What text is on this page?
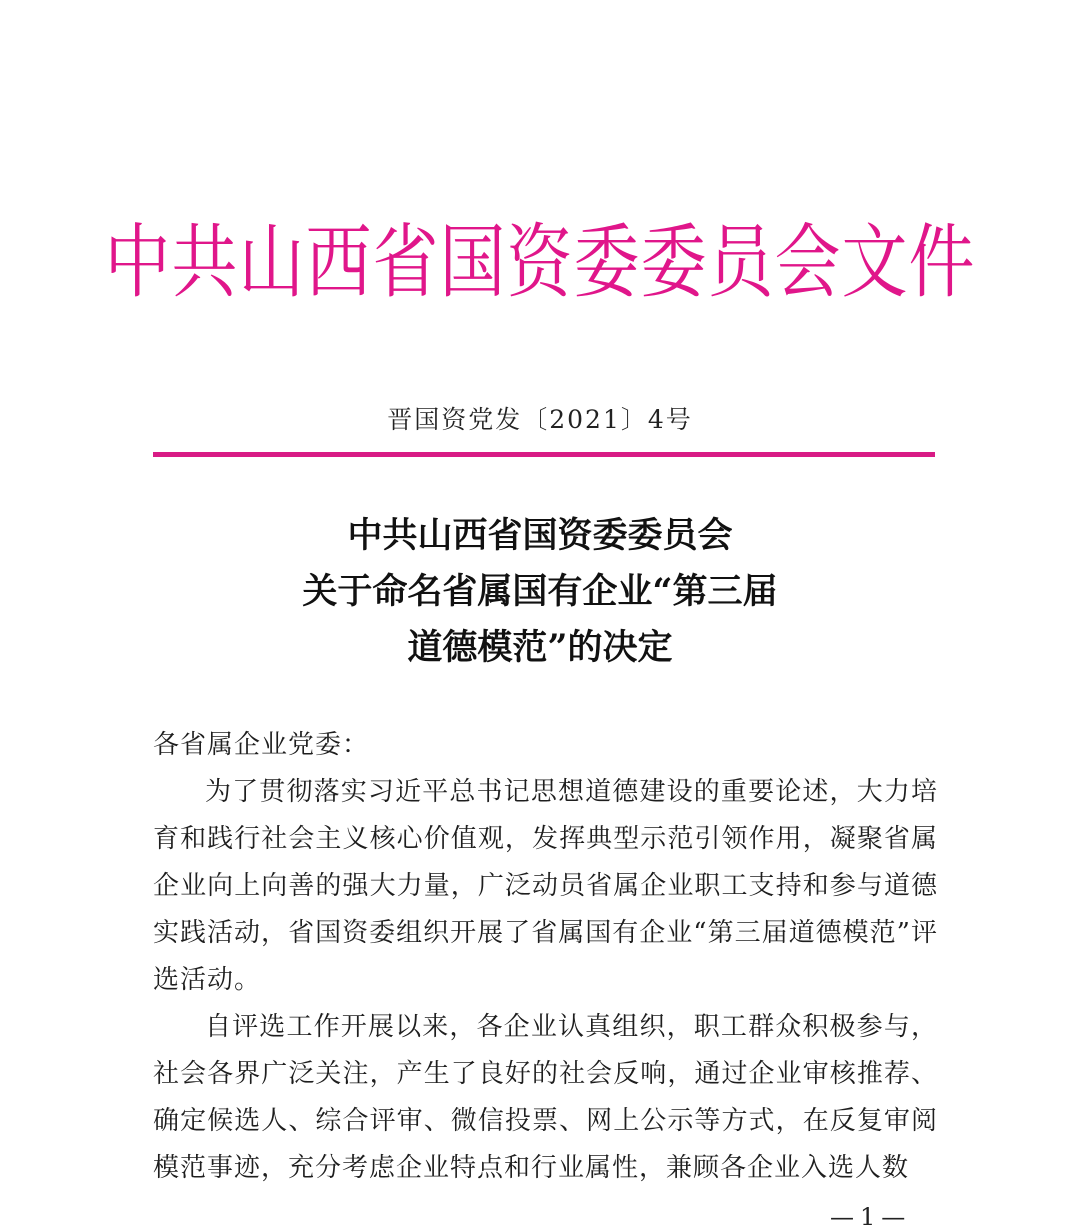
中共山西省国资委委员会文件
晋国资党发〔2021〕4号
中共山西省国资委委员会
关于命名省属国有企业“第三届
道德模范”的决定
各省属企业党委：
为了贯彻落实习近平总书记思想道德建设的重要论述，大力培育和践行社会主义核心价值观，发挥典型示范引领作用，凝聚省属企业向上向善的强大力量，广泛动员省属企业职工支持和参与道德实践活动，省国资委组织开展了省属国有企业“第三届道德模范”评选活动。
自评选工作开展以来，各企业认真组织，职工群众积极参与，社会各界广泛关注，产生了良好的社会反响，通过企业审核推荐、确定候选人、综合评审、微信投票、网上公示等方式，在反复审阅模范事迹，充分考虑企业特点和行业属性，兼顾各企业入选人数
—1—
